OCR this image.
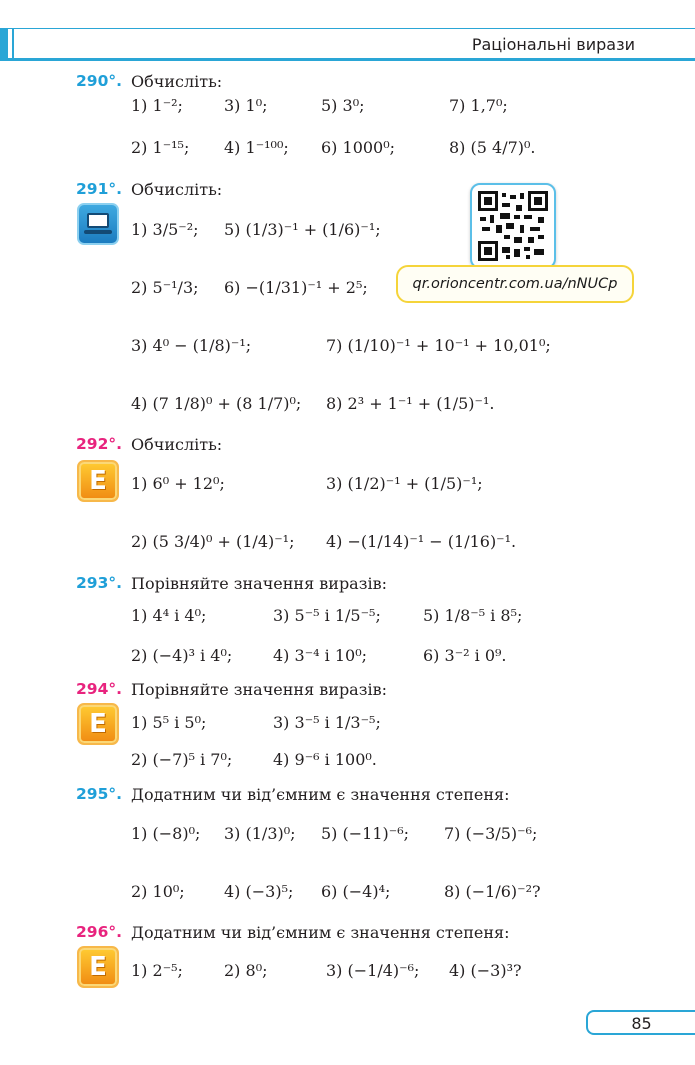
Раціональні вирази
290°. Обчисліть:
1) 1⁻²;	3) 1⁰;	5) 3⁰;	7) 1,7⁰;
2) 1⁻¹⁵; 4) 1⁻¹⁰⁰; 6) 1000⁰;	8) (5 4/7)⁰.
291°. Обчисліть:
1) 3/5⁻²; 5) (1/3)⁻¹ + (1/6)⁻¹;
2) 5⁻¹/3; 6) −(1/31)⁻¹ + 2⁵;
3) 4⁰ − (1/8)⁻¹;	7) (1/10)⁻¹ + 10⁻¹ + 10,01⁰;
4) (7 1/8)⁰ + (8 1/7)⁰; 8) 2³ + 1⁻¹ + (1/5)⁻¹.
qr.orioncentr.com.ua/nNUCp
292°. Обчисліть:
E	1) 6⁰ + 12⁰;	3) (1/2)⁻¹ + (1/5)⁻¹;
2) (5 3/4)⁰ + (1/4)⁻¹; 4) −(1/14)⁻¹ − (1/16)⁻¹.
293°. Порівняйте значення виразів:
1) 4⁴ і 4⁰;	3) 5⁻⁵ і 1/5⁻⁵;	5) 1/8⁻⁵ і 8⁵;
2) (−4)³ і 4⁰;	4) 3⁻⁴ і 10⁰;	6) 3⁻² і 0⁹.
294°. Порівняйте значення виразів:
E	1) 5⁵ і 5⁰;	3) 3⁻⁵ і 1/3⁻⁵;
2) (−7)⁵ і 7⁰;	4) 9⁻⁶ і 100⁰.
295°. Додатним чи від’ємним є значення степеня:
1) (−8)⁰; 3) (1/3)⁰; 5) (−11)⁻⁶; 7) (−3/5)⁻⁶;
2) 10⁰; 4) (−3)⁵; 6) (−4)⁴;	8) (−1/6)⁻²?
296°. Додатним чи від’ємним є значення степеня:
E	1) 2⁻⁵;	2) 8⁰;	3) (−1/4)⁻⁶; 4) (−3)³?
85
